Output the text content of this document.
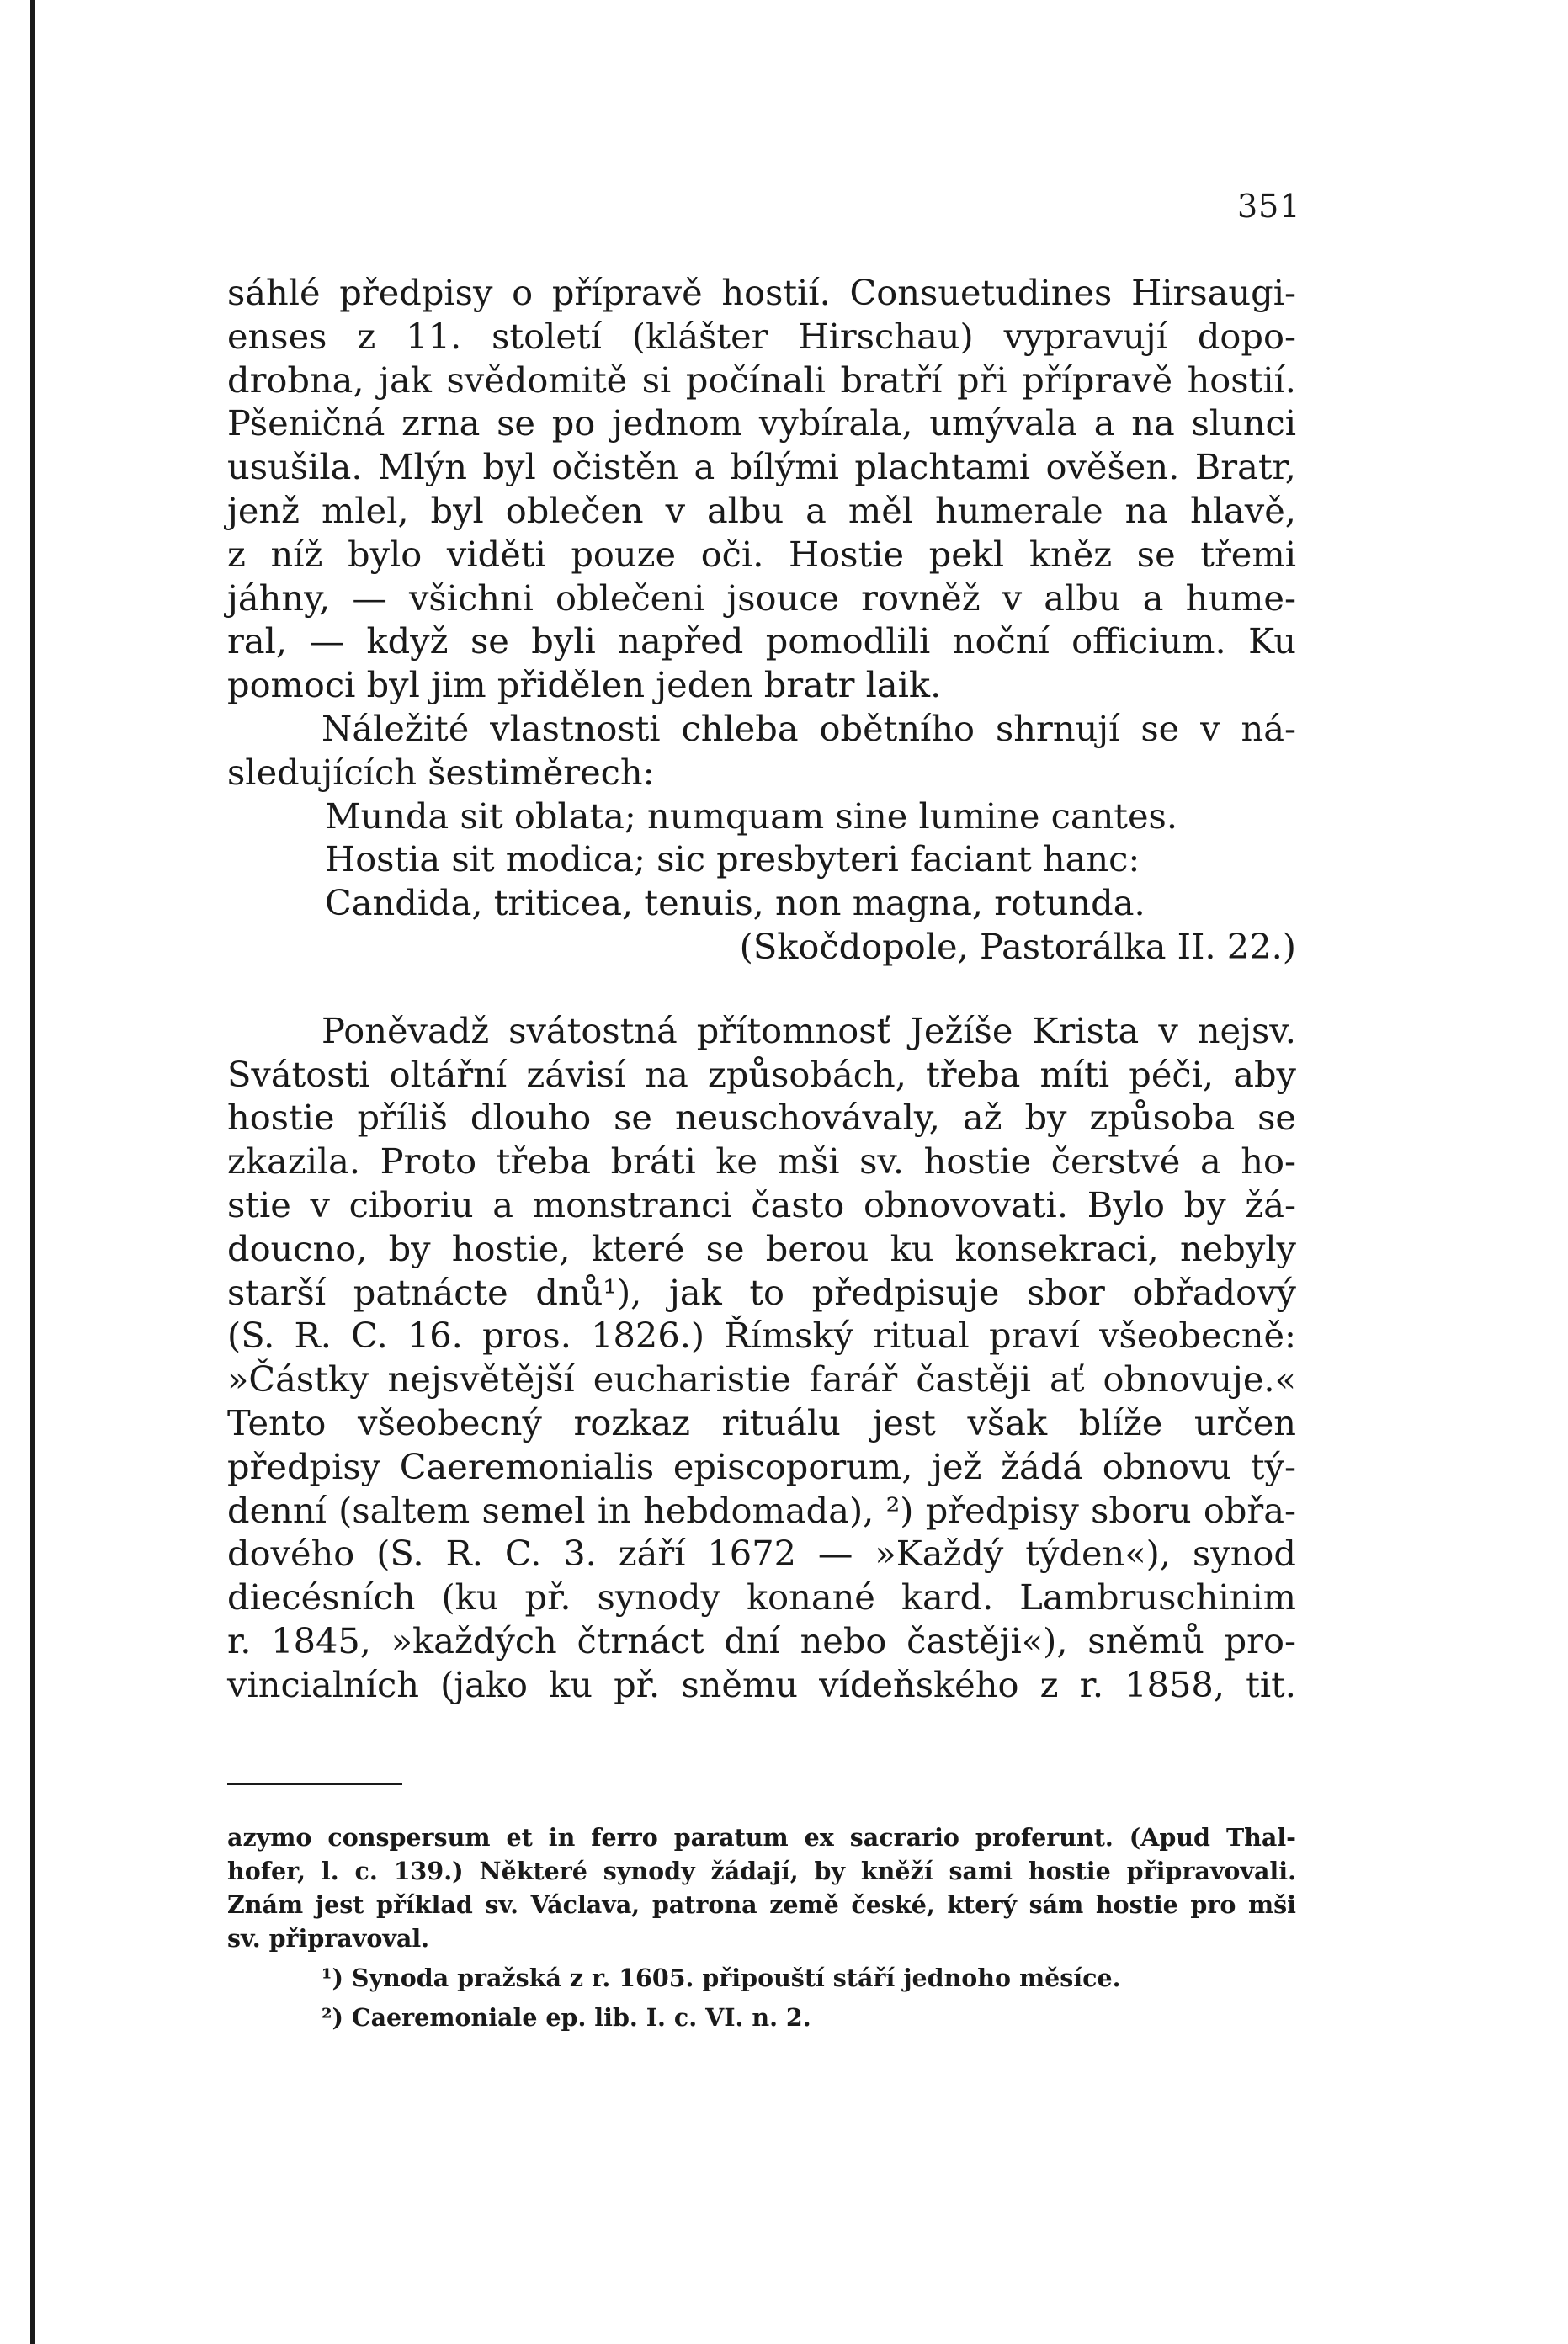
351
sáhlé předpisy o přípravě hostií. Consuetudines Hirsaugi-
enses z 11. století (klášter Hirschau) vypravují dopo-
drobna, jak svědomitě si počínali bratří při přípravě hostií.
Pšeničná zrna se po jednom vybírala, umývala a na slunci
usušila. Mlýn byl očistěn a bílými plachtami ověšen. Bratr,
jenž mlel, byl oblečen v albu a měl humerale na hlavě,
z níž bylo viděti pouze oči. Hostie pekl kněz se třemi
jáhny, — všichni oblečeni jsouce rovněž v albu a hume-
ral, — když se byli napřed pomodlili noční officium. Ku
pomoci byl jim přidělen jeden bratr laik.
Náležité vlastnosti chleba obětního shrnují se v ná-
sledujících šestiměrech:
Munda sit oblata; numquam sine lumine cantes.
Hostia sit modica; sic presbyteri faciant hanc:
Candida, triticea, tenuis, non magna, rotunda.
(Skočdopole, Pastorálka II. 22.)
Poněvadž svátostná přítomnosť Ježíše Krista v nejsv.
Svátosti oltářní závisí na způsobách, třeba míti péči, aby
hostie příliš dlouho se neuschovávaly, až by způsoba se
zkazila. Proto třeba bráti ke mši sv. hostie čerstvé a ho-
stie v ciboriu a monstranci často obnovovati. Bylo by žá-
doucno, by hostie, které se berou ku konsekraci, nebyly
starší patnácte dnů¹), jak to předpisuje sbor obřadový
(S. R. C. 16. pros. 1826.) Římský ritual praví všeobecně:
»Částky nejsvětější eucharistie farář častěji ať obnovuje.«
Tento všeobecný rozkaz rituálu jest však blíže určen
předpisy Caeremonialis episcoporum, jež žádá obnovu tý-
denní (saltem semel in hebdomada), ²) předpisy sboru obřa-
dového (S. R. C. 3. září 1672 — »Každý týden«), synod
diecésních (ku př. synody konané kard. Lambruschinim
r. 1845, »každých čtrnáct dní nebo častěji«), sněmů pro-
vincialních (jako ku př. sněmu vídeňského z r. 1858, tit.
azymo conspersum et in ferro paratum ex sacrario proferunt. (Apud Thal-
hofer, l. c. 139.) Některé synody žádají, by kněží sami hostie připravovali.
Znám jest příklad sv. Václava, patrona země české, který sám hostie pro mši
sv. připravoval.
¹) Synoda pražská z r. 1605. připouští stáří jednoho měsíce.
²) Caeremoniale ep. lib. I. c. VI. n. 2.
